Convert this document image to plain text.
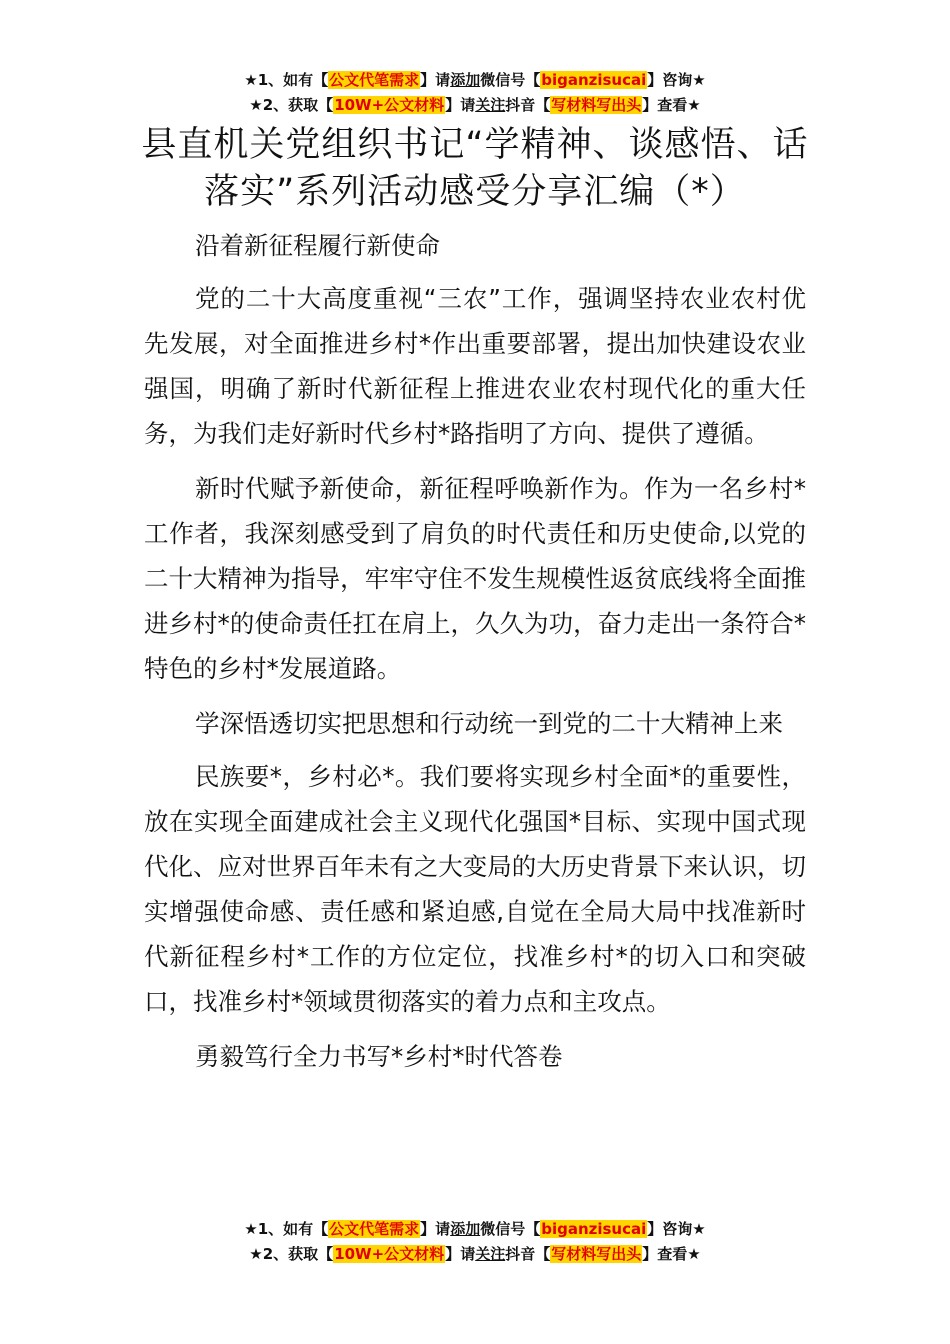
★1、如有【公文代笔需求】请添加微信号【biganzisucai】咨询★
★2、获取【10W+公文材料】请关注抖音【写材料写出头】查看★
县直机关党组织书记“学精神、谈感悟、话落实”系列活动感受分享汇编（*）

沿着新征程履行新使命

党的二十大高度重视“三农”工作，强调坚持农业农村优先发展，对全面推进乡村*作出重要部署，提出加快建设农业强国，明确了新时代新征程上推进农业农村现代化的重大任务，为我们走好新时代乡村*路指明了方向、提供了遵循。

新时代赋予新使命，新征程呼唤新作为。作为一名乡村*工作者，我深刻感受到了肩负的时代责任和历史使命,以党的二十大精神为指导，牢牢守住不发生规模性返贫底线将全面推进乡村*的使命责任扛在肩上，久久为功，奋力走出一条符合*特色的乡村*发展道路。

学深悟透切实把思想和行动统一到党的二十大精神上来

民族要*，乡村必*。我们要将实现乡村全面*的重要性，放在实现全面建成社会主义现代化强国*目标、实现中国式现代化、应对世界百年未有之大变局的大历史背景下来认识，切实增强使命感、责任感和紧迫感,自觉在全局大局中找准新时代新征程乡村*工作的方位定位，找准乡村*的切入口和突破口，找准乡村*领域贯彻落实的着力点和主攻点。

勇毅笃行全力书写*乡村*时代答卷

★1、如有【公文代笔需求】请添加微信号【biganzisucai】咨询★
★2、获取【10W+公文材料】请关注抖音【写材料写出头】查看★
